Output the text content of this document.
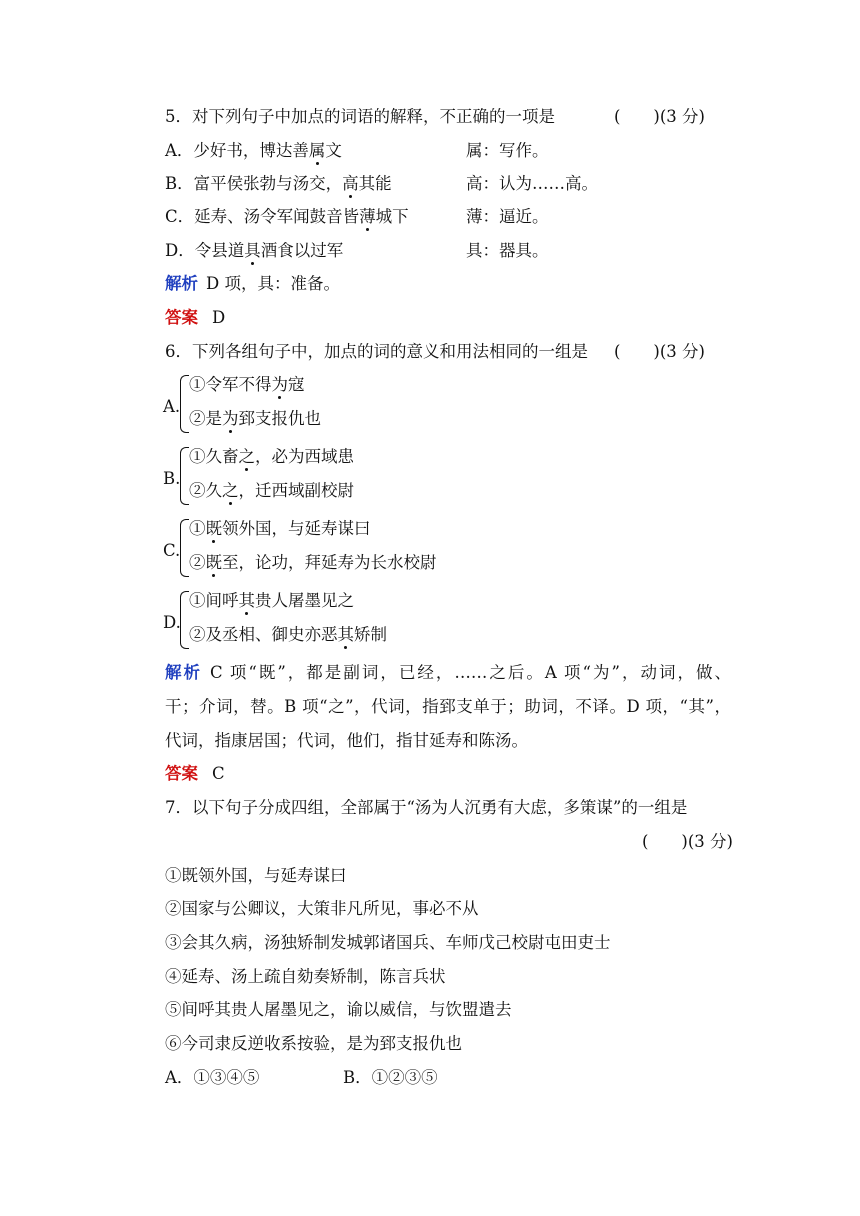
5．对下列句子中加点的词语的解释，不正确的一项是	(　　)(3 分)
A．少好书，博达善属文	属：写作。
B．富平侯张勃与汤交，高其能	高：认为……高。
C．延寿、汤令军闻鼓音皆薄城下	薄：逼近。
D．令县道具酒食以过军	具：器具。
解析 D 项，具：准备。
答案 D
6．下列各组句子中，加点的词的意义和用法相同的一组是 (　　)(3 分)
A.
①令军不得为寇
②是为郅支报仇也
B.
①久畜之，必为西域患
②久之，迁西域副校尉
C.
①既领外国，与延寿谋曰
②既至，论功，拜延寿为长水校尉
D.
①间呼其贵人屠墨见之
②及丞相、御史亦恶其矫制
解析 C 项“既”，都是副词，已经，……之后。A 项“为”，动词，做、
干；介词，替。B 项“之”，代词，指郅支单于；助词，不译。D 项，“其”，
代词，指康居国；代词，他们，指甘延寿和陈汤。
答案 C
7．以下句子分成四组，全部属于“汤为人沉勇有大虑，多策谋”的一组是
(　　)(3 分)
①既领外国，与延寿谋曰
②国家与公卿议，大策非凡所见，事必不从
③会其久病，汤独矫制发城郭诸国兵、车师戊己校尉屯田吏士
④延寿、汤上疏自劾奏矫制，陈言兵状
⑤间呼其贵人屠墨见之，谕以威信，与饮盟遣去
⑥今司隶反逆收系按验，是为郅支报仇也
A．①③④⑤	B．①②③⑤
